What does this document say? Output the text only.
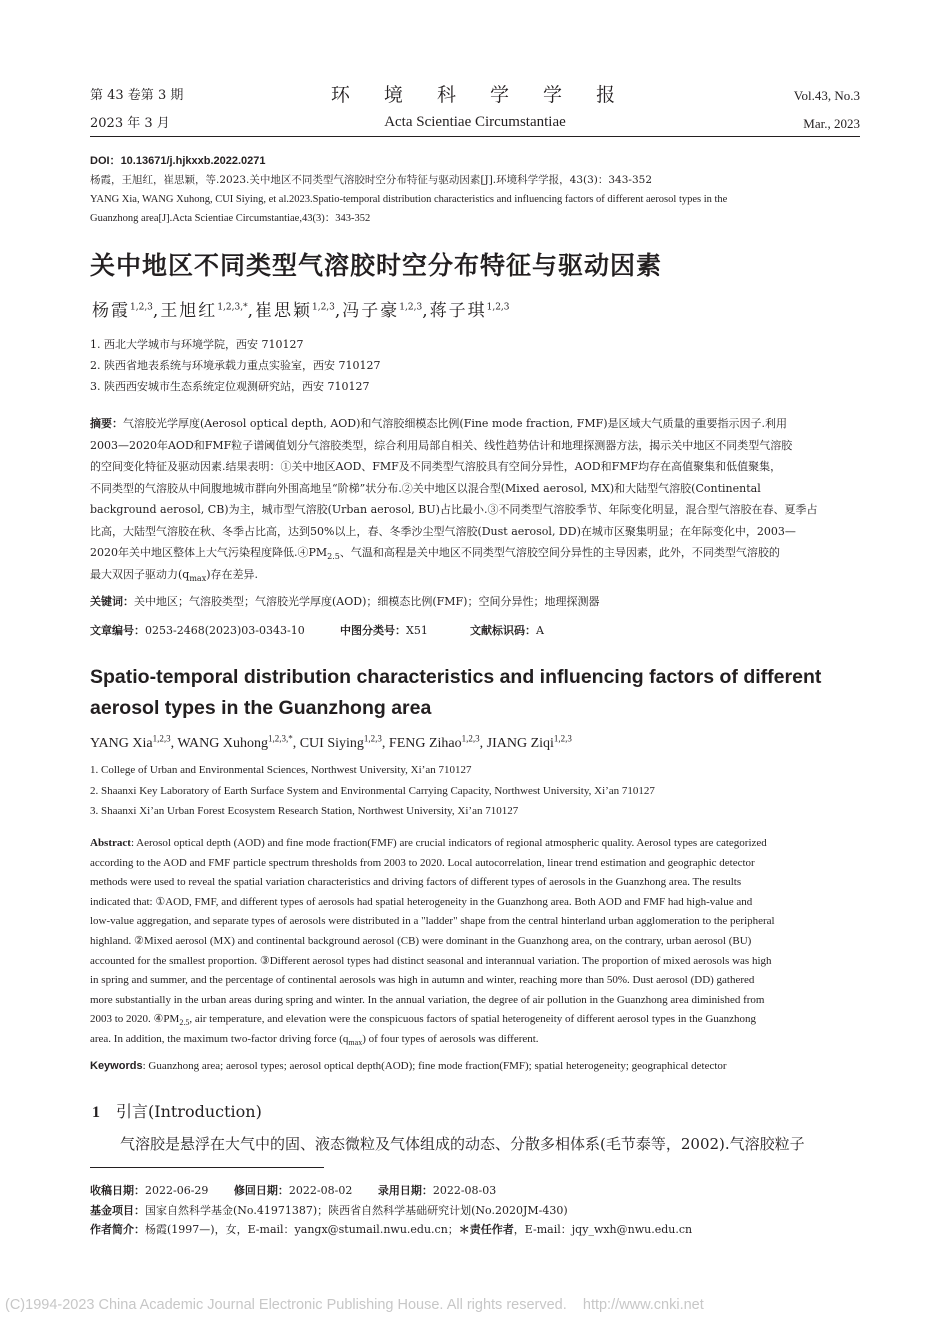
第 43 卷第 3 期
2023 年 3 月
环 境 科 学 学 报
Acta Scientiae Circumstantiae
Vol.43, No.3
Mar., 2023
DOI：10.13671/j.hjkxxb.2022.0271
杨霞，王旭红，崔思颖，等.2023.关中地区不同类型气溶胶时空分布特征与驱动因素[J].环境科学学报，43(3)：343-352
YANG Xia, WANG Xuhong, CUI Siying, et al.2023.Spatio-temporal distribution characteristics and influencing factors of different aerosol types in the
Guanzhong area[J].Acta Scientiae Circumstantiae,43(3)：343-352
关中地区不同类型气溶胶时空分布特征与驱动因素
杨霞$^{1,2,3}$,王旭红$^{1,2,3,*}$,崔思颖$^{1,2,3}$,冯子豪$^{1,2,3}$,蒋子琪$^{1,2,3}$
1. 西北大学城市与环境学院，西安 710127
2. 陕西省地表系统与环境承载力重点实验室，西安 710127
3. 陕西西安城市生态系统定位观测研究站，西安 710127
摘要：气溶胶光学厚度(Aerosol optical depth, AOD)和气溶胶细模态比例(Fine mode fraction, FMF)是区域大气质量的重要指示因子.利用
2003—2020年AOD和FMF粒子谱阈值划分气溶胶类型，综合利用局部自相关、线性趋势估计和地理探测器方法，揭示关中地区不同类型气溶胶
的空间变化特征及驱动因素.结果表明：①关中地区AOD、FMF及不同类型气溶胶具有空间分异性，AOD和FMF均存在高值聚集和低值聚集，
不同类型的气溶胶从中间腹地城市群向外围高地呈“阶梯”状分布.②关中地区以混合型(Mixed aerosol, MX)和大陆型气溶胶(Continental
background aerosol, CB)为主，城市型气溶胶(Urban aerosol, BU)占比最小.③不同类型气溶胶季节、年际变化明显，混合型气溶胶在春、夏季占
比高，大陆型气溶胶在秋、冬季占比高，达到50%以上，春、冬季沙尘型气溶胶(Dust aerosol, DD)在城市区聚集明显；在年际变化中，2003—
2020年关中地区整体上大气污染程度降低$.④PM_{2.5}$、气温和高程是关中地区不同类型气溶胶空间分异性的主导因素，此外，不同类型气溶胶的
最大双因子驱动力$(q_{max})$存在差异.
关键词：关中地区；气溶胶类型；气溶胶光学厚度(AOD)；细模态比例(FMF)；空间分异性；地理探测器
文章编号：0253-2468(2023)03-0343-10	中图分类号：X51	文献标识码：A
Spatio-temporal distribution characteristics and influencing factors of different
aerosol types in the Guanzhong area
YANG Xia$^{1,2,3}$, WANG Xuhong$^{1,2,3,*}$, CUI Siying$^{1,2,3}$, FENG Zihao$^{1,2,3}$, JIANG Ziqi$^{1,2,3}$
1. College of Urban and Environmental Sciences, Northwest University, Xi’an 710127
2. Shaanxi Key Laboratory of Earth Surface System and Environmental Carrying Capacity, Northwest University, Xi’an 710127
3. Shaanxi Xi’an Urban Forest Ecosystem Research Station, Northwest University, Xi’an 710127
Abstract: Aerosol optical depth (AOD) and fine mode fraction(FMF) are crucial indicators of regional atmospheric quality. Aerosol types are categorized
according to the AOD and FMF particle spectrum thresholds from 2003 to 2020. Local autocorrelation, linear trend estimation and geographic detector
methods were used to reveal the spatial variation characteristics and driving factors of different types of aerosols in the Guanzhong area. The results
indicated that: ①AOD, FMF, and different types of aerosols had spatial heterogeneity in the Guanzhong area. Both AOD and FMF had high-value and
low-value aggregation, and separate types of aerosols were distributed in a "ladder" shape from the central hinterland urban agglomeration to the peripheral
highland. ②Mixed aerosol (MX) and continental background aerosol (CB) were dominant in the Guanzhong area, on the contrary, urban aerosol (BU)
accounted for the smallest proportion. ③Different aerosol types had distinct seasonal and interannual variation. The proportion of mixed aerosols was high
in spring and summer, and the percentage of continental aerosols was high in autumn and winter, reaching more than 50%. Dust aerosol (DD) gathered
more substantially in the urban areas during spring and winter. In the annual variation, the degree of air pollution in the Guanzhong area diminished from
2003 to 2020. $④PM_{2.5}$, air temperature, and elevation were the conspicuous factors of spatial heterogeneity of different aerosol types in the Guanzhong
area. In addition, the maximum two-factor driving force $(q_{max})$ of four types of aerosols was different.
Keywords: Guanzhong area; aerosol types; aerosol optical depth(AOD); fine mode fraction(FMF); spatial heterogeneity; geographical detector
1 引言(Introduction)
气溶胶是悬浮在大气中的固、液态微粒及气体组成的动态、分散多相体系(毛节泰等，2002).气溶胶粒子
收稿日期：2022-06-29 修回日期：2022-08-02 录用日期：2022-08-03
基金项目：国家自然科学基金(No.41971387)；陕西省自然科学基础研究计划(No.2020JM-430)
作者简介：杨霞(1997—)，女，E-mail：yangx@stumail.nwu.edu.cn；＊责任作者，E-mail：jqy_wxh@nwu.edu.cn
(C)1994-2023 China Academic Journal Electronic Publishing House. All rights reserved.    http://www.cnki.net
